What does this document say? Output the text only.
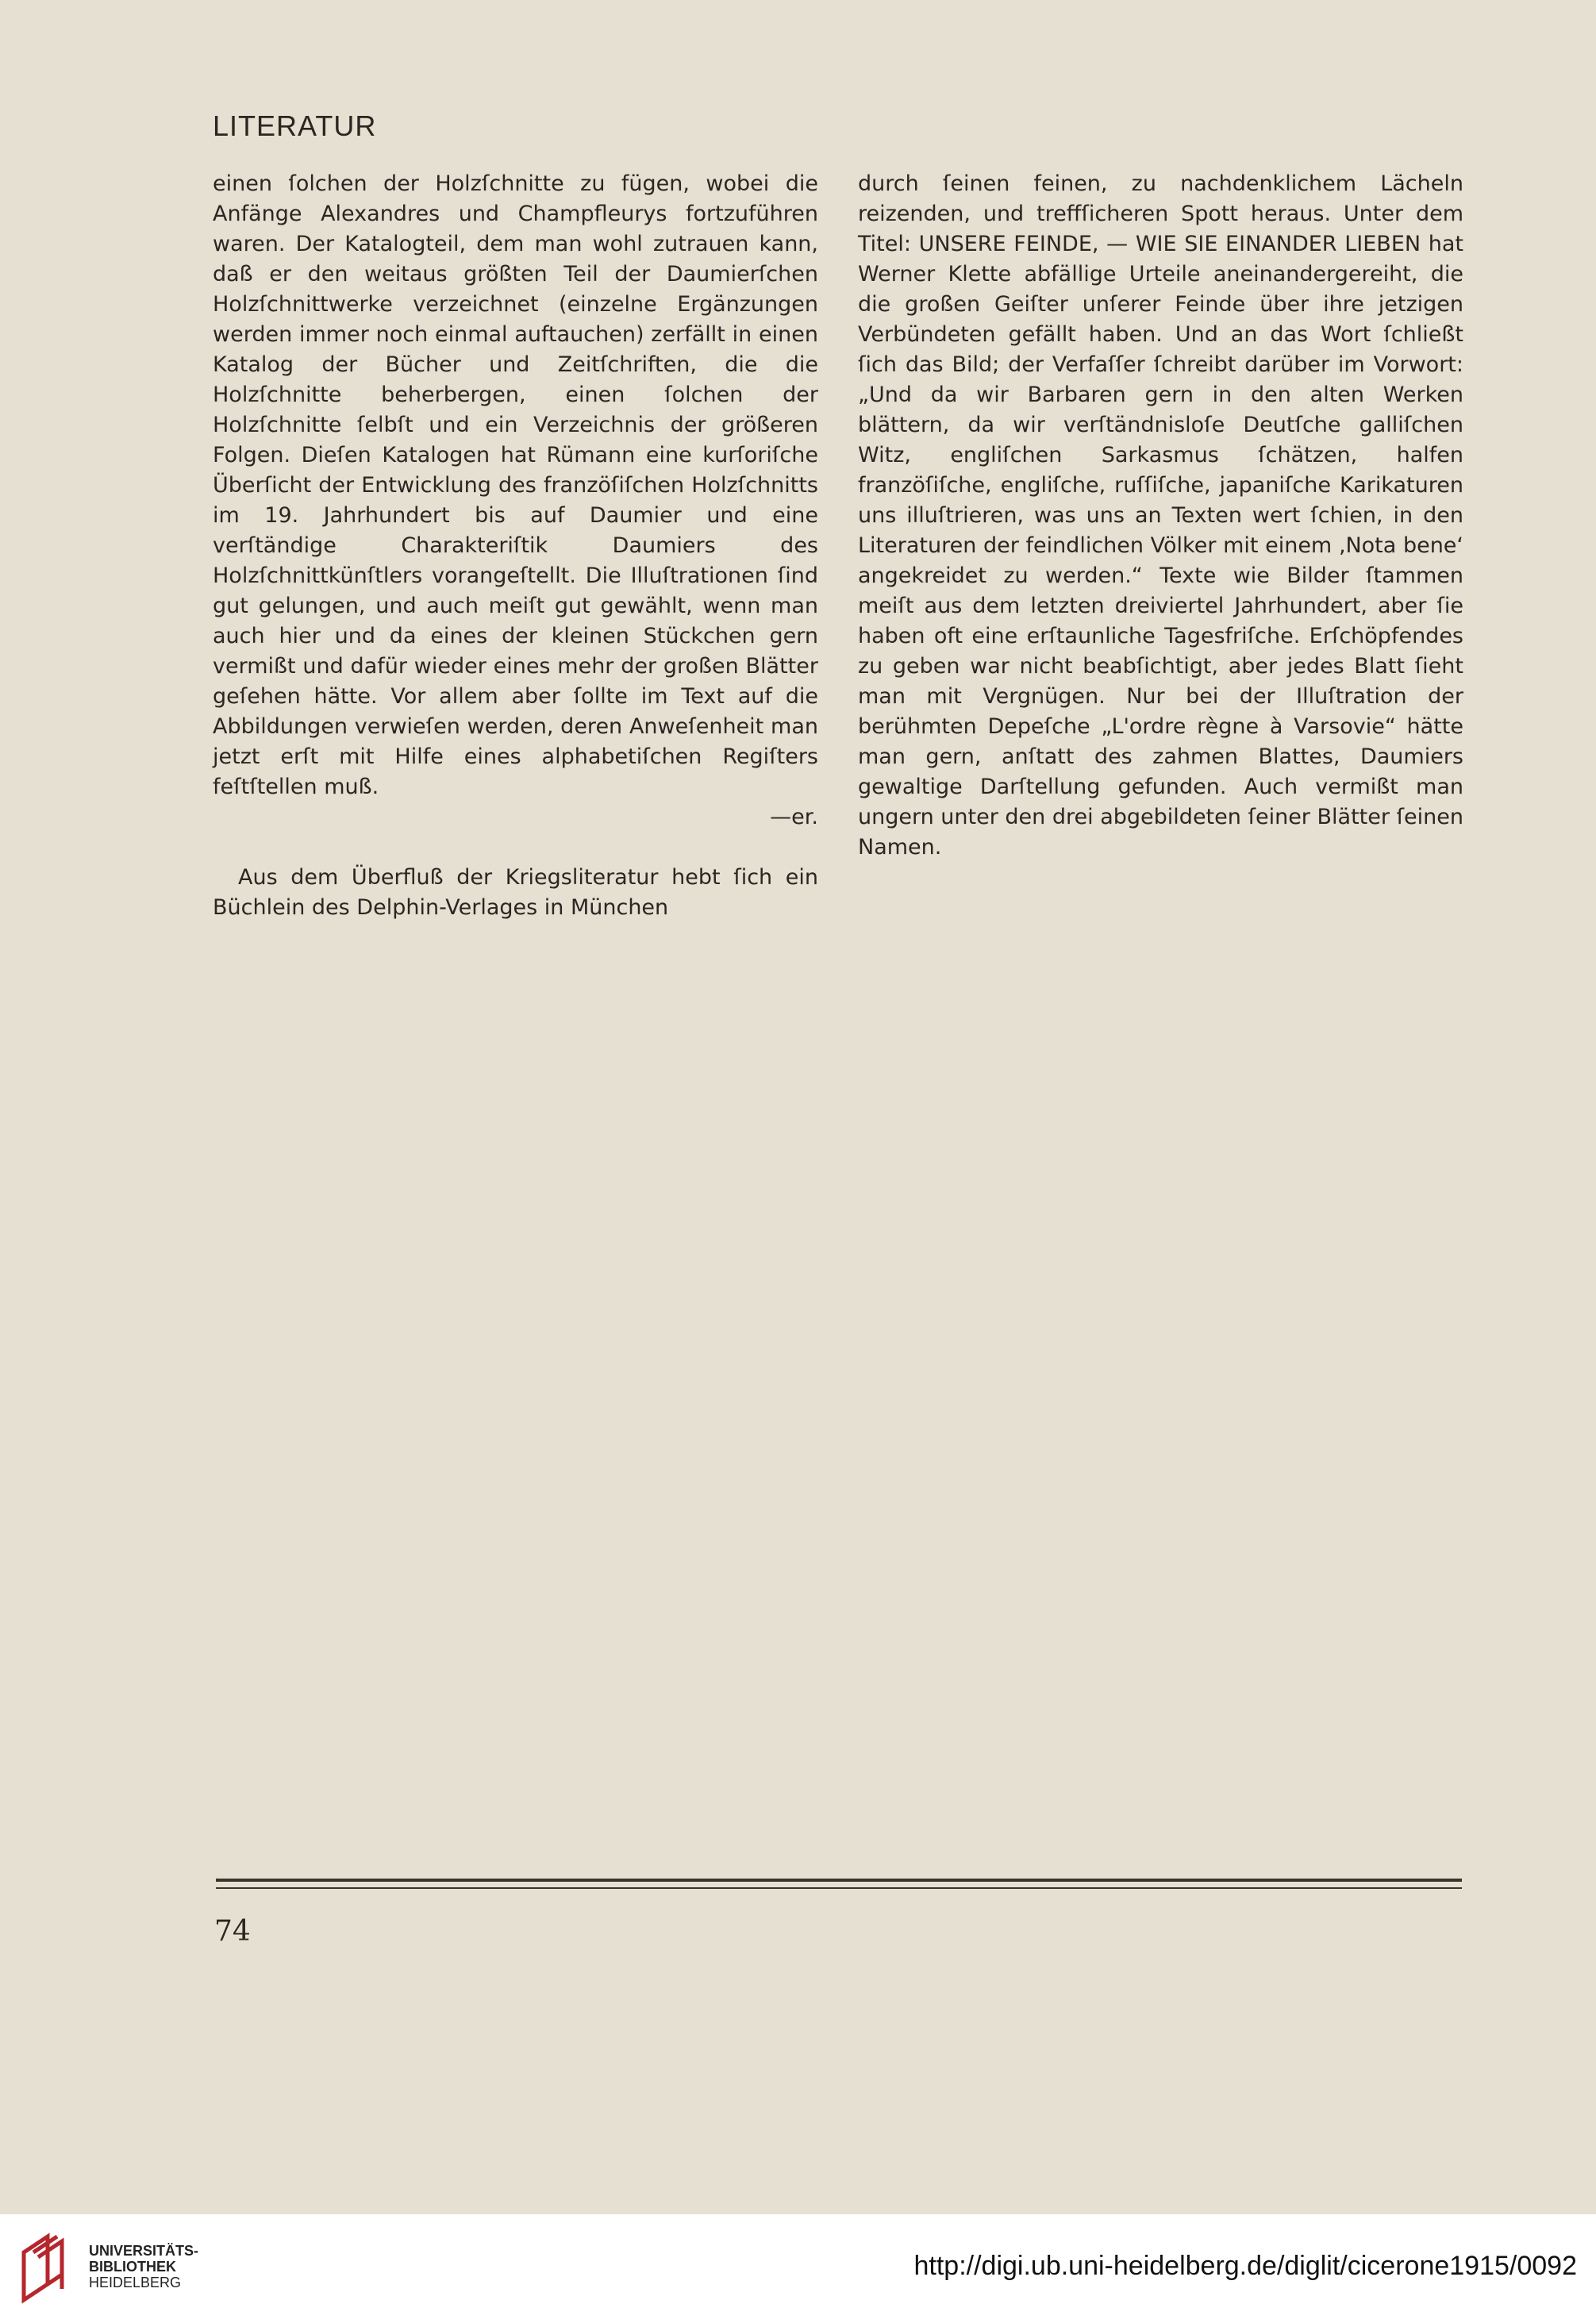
LITERATUR

einen ſolchen der Holzſchnitte zu fügen, wobei die Anfänge Alexandres und Champfleurys fortzuführen waren. Der Katalogteil, dem man wohl zutrauen kann, daß er den weitaus größten Teil der Daumierſchen Holzſchnittwerke verzeichnet (einzelne Ergänzungen werden immer noch einmal auftauchen) zerfällt in einen Katalog der Bücher und Zeitſchriften, die die Holzſchnitte beherbergen, einen ſolchen der Holzſchnitte ſelbſt und ein Verzeichnis der größeren Folgen. Dieſen Katalogen hat Rümann eine kurſoriſche Überſicht der Entwicklung des franzöſiſchen Holzſchnitts im 19. Jahrhundert bis auf Daumier und eine verſtändige Charakteriſtik Daumiers des Holzſchnittkünſtlers vorangeſtellt. Die Illuſtrationen ſind gut gelungen, und auch meiſt gut gewählt, wenn man auch hier und da eines der kleinen Stückchen gern vermißt und dafür wieder eines mehr der großen Blätter geſehen hätte. Vor allem aber ſollte im Text auf die Abbildungen verwieſen werden, deren Anweſenheit man jetzt erſt mit Hilfe eines alphabetiſchen Regiſters feſtſtellen muß.
—er.

Aus dem Überfluß der Kriegsliteratur hebt ſich ein Büchlein des Delphin-Verlages in München

durch ſeinen feinen, zu nachdenklichem Lächeln reizenden, und treffſicheren Spott heraus. Unter dem Titel: UNSERE FEINDE, — WIE SIE EINANDER LIEBEN hat Werner Klette abfällige Urteile aneinandergereiht, die die großen Geiſter unſerer Feinde über ihre jetzigen Verbündeten gefällt haben. Und an das Wort ſchließt ſich das Bild; der Verfaſſer ſchreibt darüber im Vorwort: „Und da wir Barbaren gern in den alten Werken blättern, da wir verſtändnisloſe Deutſche galliſchen Witz, engliſchen Sarkasmus ſchätzen, halfen franzöſiſche, engliſche, ruſſiſche, japaniſche Karikaturen uns illuſtrieren, was uns an Texten wert ſchien, in den Literaturen der feindlichen Völker mit einem ‚Nota bene‘ angekreidet zu werden.“ Texte wie Bilder ſtammen meiſt aus dem letzten dreiviertel Jahrhundert, aber ſie haben oft eine erſtaunliche Tagesfriſche. Erſchöpfendes zu geben war nicht beabſichtigt, aber jedes Blatt ſieht man mit Vergnügen. Nur bei der Illuſtration der berühmten Depeſche „L'ordre règne à Varsovie“ hätte man gern, anſtatt des zahmen Blattes, Daumiers gewaltige Darſtellung gefunden. Auch vermißt man ungern unter den drei abgebildeten ſeiner Blätter ſeinen Namen.

74
UNIVERSITÄTS-
BIBLIOTHEK
HEIDELBERG
http://digi.ub.uni-heidelberg.de/diglit/cicerone1915/0092
